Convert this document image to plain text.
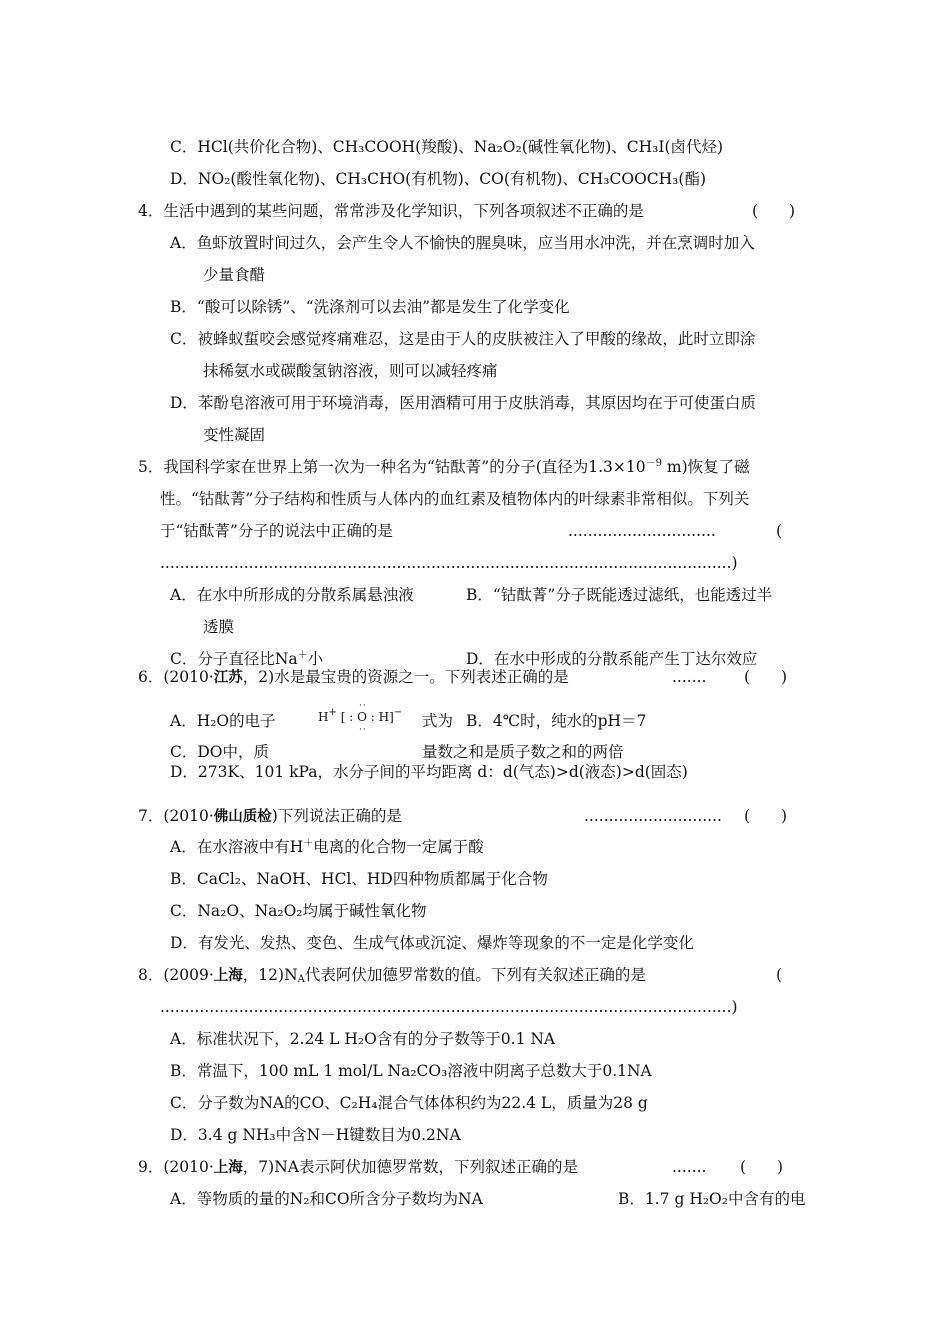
C．HCl(共价化合物)、CH₃COOH(羧酸)、Na₂O₂(碱性氧化物)、CH₃I(卤代烃)
D．NO₂(酸性氧化物)、CH₃CHO(有机物)、CO(有机物)、CH₃COOCH₃(酯)
4．生活中遇到的某些问题，常常涉及化学知识，下列各项叙述不正确的是	(　　)
A．鱼虾放置时间过久，会产生令人不愉快的腥臭味，应当用水冲洗，并在烹调时加入
少量食醋
B．“酸可以除锈”、“洗涤剂可以去油”都是发生了化学变化
C．被蜂蚁蜇咬会感觉疼痛难忍，这是由于人的皮肤被注入了甲酸的缘故，此时立即涂
抹稀氨水或碳酸氢钠溶液，则可以减轻疼痛
D．苯酚皂溶液可用于环境消毒，医用酒精可用于皮肤消毒，其原因均在于可使蛋白质
变性凝固
5．我国科学家在世界上第一次为一种名为“钴酞菁”的分子(直径为$1.3\times 10^{-9}$ m)恢复了磁
性。“钴酞菁”分子结构和性质与人体内的血红素及植物体内的叶绿素非常相似。下列关
于“钴酞菁”分子的说法中正确的是	..............................	(
....................................................................................................................)
A．在水中所形成的分散系属悬浊液	B．“钴酞菁”分子既能透过滤纸，也能透过半
透膜
C．分子直径比Na＋小	D．在水中形成的分散系能产生丁达尔效应
6．(2010·江苏，2)水是最宝贵的资源之一。下列表述正确的是	....... (　　)
A．H₂O的电子
··
H+ [ : O : H]−
··	式为 B．4℃时，纯水的pH＝7
C．DO中，质	量数之和是质子数之和的两倍
D．273K、101 kPa，水分子间的平均距离 d：d(气态)>d(液态)>d(固态)
7．(2010·佛山质检)下列说法正确的是	............................ (　　)
A．在水溶液中有H＋电离的化合物一定属于酸
B．CaCl₂、NaOH、HCl、HD四种物质都属于化合物
C．Na₂O、Na₂O₂均属于碱性氧化物
D．有发光、发热、变色、生成气体或沉淀、爆炸等现象的不一定是化学变化
8．(2009·上海，$12)N_A$代表阿伏加德罗常数的值。下列有关叙述正确的是	(
....................................................................................................................)
A．标准状况下，2.24 L H₂O含有的分子数等于0.1 NA
B．常温下，100 mL 1 mol/L Na₂CO₃溶液中阴离子总数大于0.1NA
C．分子数为NA的CO、C₂H₄混合气体体积约为22.4 L，质量为28 g
D．3.4 g NH₃中含N－H键数目为0.2NA
9．(2010·上海，7)NA表示阿伏加德罗常数，下列叙述正确的是	....... (　　)
A．等物质的量的N₂和CO所含分子数均为NA	B．1.7 g H₂O₂中含有的电
